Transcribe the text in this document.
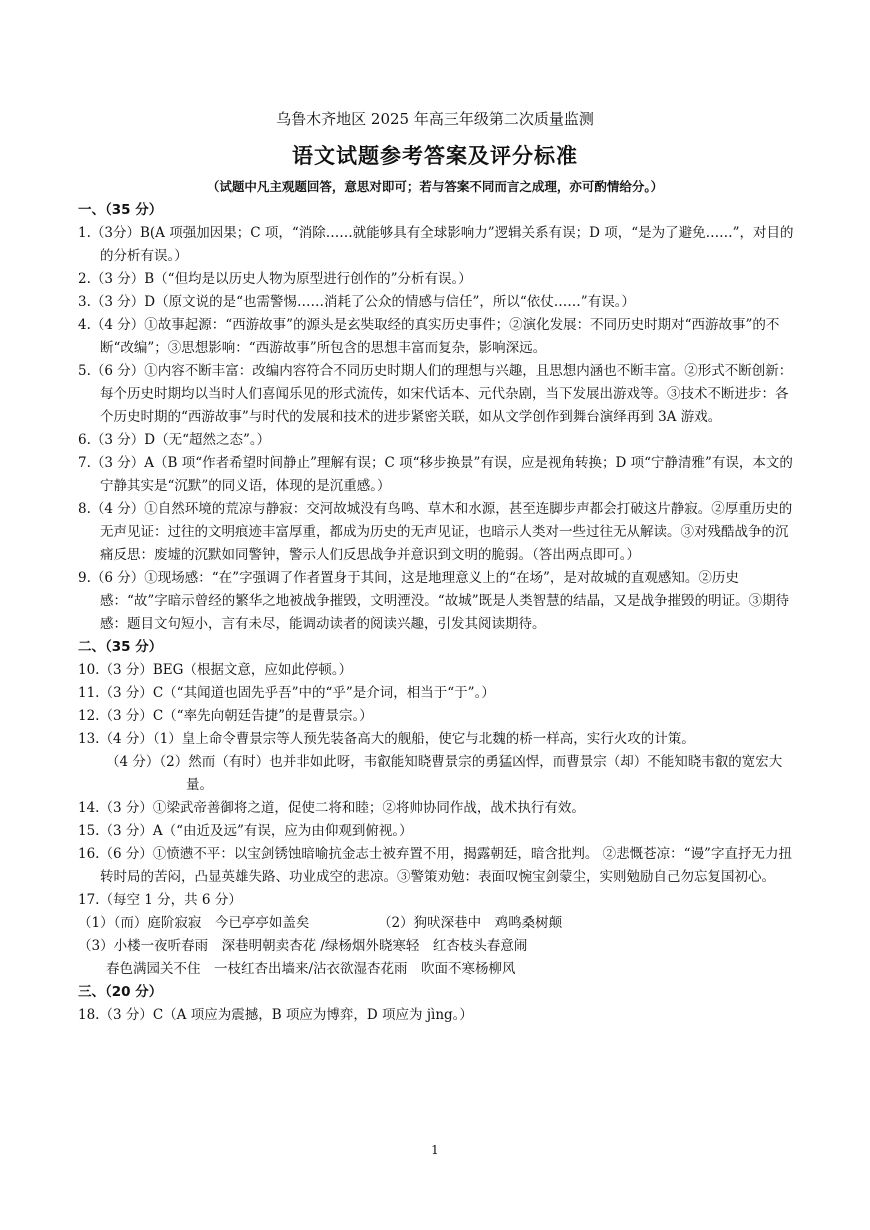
乌鲁木齐地区 2025 年高三年级第二次质量监测
语文试题参考答案及评分标准
（试题中凡主观题回答，意思对即可；若与答案不同而言之成理，亦可酌情给分。）
一、（35 分）
1.（3分）B(A 项强加因果；C 项，“消除……就能够具有全球影响力”逻辑关系有误；D 项，“是为了避免……”，对目的的分析有误。）
2.（3 分）B（“但均是以历史人物为原型进行创作的”分析有误。）
3.（3 分）D（原文说的是“也需警惕……消耗了公众的情感与信任”，所以“依仗……”有误。）
4.（4 分）①故事起源：“西游故事”的源头是玄奘取经的真实历史事件；②演化发展：不同历史时期对“西游故事”的不断“改编”；③思想影响：“西游故事”所包含的思想丰富而复杂，影响深远。
5.（6 分）①内容不断丰富：改编内容符合不同历史时期人们的理想与兴趣，且思想内涵也不断丰富。②形式不断创新：每个历史时期均以当时人们喜闻乐见的形式流传，如宋代话本、元代杂剧，当下发展出游戏等。③技术不断进步：各个历史时期的“西游故事”与时代的发展和技术的进步紧密关联，如从文学创作到舞台演绎再到 3A 游戏。
6.（3 分）D（无“超然之态”。）
7.（3 分）A（B 项“作者希望时间静止”理解有误；C 项“移步换景”有误，应是视角转换；D 项“宁静清雅”有误，本文的宁静其实是“沉默”的同义语，体现的是沉重感。）
8.（4 分）①自然环境的荒凉与静寂：交河故城没有鸟鸣、草木和水源，甚至连脚步声都会打破这片静寂。②厚重历史的无声见证：过往的文明痕迹丰富厚重，都成为历史的无声见证，也暗示人类对一些过往无从解读。③对残酷战争的沉痛反思：废墟的沉默如同警钟，警示人们反思战争并意识到文明的脆弱。（答出两点即可。）
9.（6 分）①现场感：“在”字强调了作者置身于其间，这是地理意义上的“在场”，是对故城的直观感知。②历史感：“故”字暗示曾经的繁华之地被战争摧毁，文明湮没。“故城”既是人类智慧的结晶，又是战争摧毁的明证。③期待感：题目文句短小，言有未尽，能调动读者的阅读兴趣，引发其阅读期待。
二、（35 分）
10.（3 分）BEG（根据文意，应如此停顿。）
11.（3 分）C（“其闻道也固先乎吾”中的“乎”是介词，相当于“于”。）
12.（3 分）C（“率先向朝廷告捷”的是曹景宗。）
13.（4 分）（1）皇上命令曹景宗等人预先装备高大的舰船，使它与北魏的桥一样高，实行火攻的计策。
（4 分）（2）然而（有时）也并非如此呀，韦叡能知晓曹景宗的勇猛凶悍，而曹景宗（却）不能知晓韦叡的宽宏大量。
14.（3 分）①梁武帝善御将之道，促使二将和睦；②将帅协同作战，战术执行有效。
15.（3 分）A（“由近及远”有误，应为由仰观到俯视。）
16.（6 分）①愤懑不平：以宝剑锈蚀暗喻抗金志士被弃置不用，揭露朝廷，暗含批判。 ②悲慨苍凉：“谩”字直抒无力扭转时局的苦闷，凸显英雄失路、功业成空的悲凉。③警策劝勉：表面叹惋宝剑蒙尘，实则勉励自己勿忘复国初心。
17.（每空 1 分，共 6 分）
（1）（而）庭阶寂寂　今已亭亭如盖矣	（2）狗吠深巷中　鸡鸣桑树颠
（3）小楼一夜听春雨　深巷明朝卖杏花 /绿杨烟外晓寒轻　红杏枝头春意闹
春色满园关不住　一枝红杏出墙来/沾衣欲湿杏花雨　吹面不寒杨柳风
三、（20 分）
18.（3 分）C（A 项应为震撼，B 项应为博弈，D 项应为 jìng。）
1
